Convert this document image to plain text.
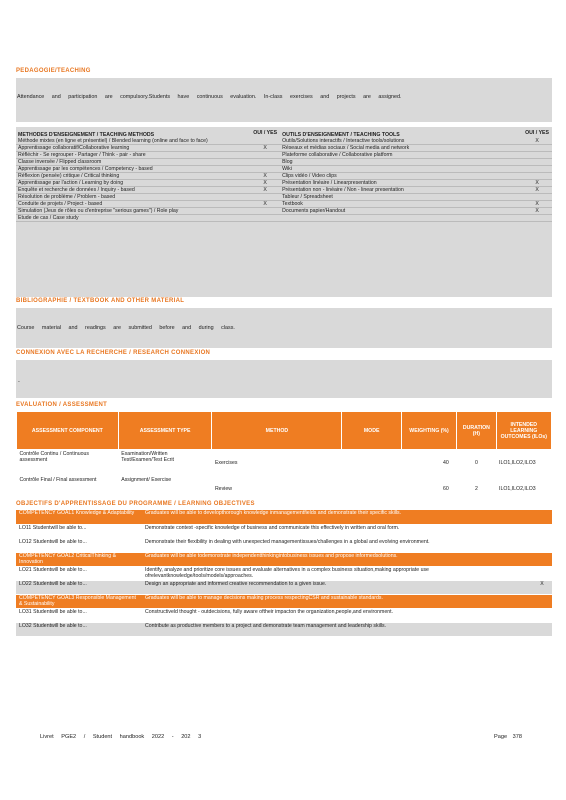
PEDAGOGIE/TEACHING
Attendance and participation are compulsory.Students have continuous evaluation. In-class exercises and projects are assigned.
METHODES D'ENSEIGNEMENT / TEACHING METHODS	OUI / YES	OUTILS D'ENSEIGNEMENT / TEACHING TOOLS	OUI / YES
Méthode mixtes (en ligne et présentiel) / Blended learning (online and face to face)		Outils/Solutions interactifs / Interactive tools/solutions	X
Apprentissage collaboratif/Collaborative learning	X	Réseaux et médias sociaux / Social media and network	
Réfléchir - Se regrouper - Partager / Think - pair - share		Plateforme collaborative / Collaborative platform	
Classe inversée / Flipped classroom		Blog	
Apprentissage par les compétences / Competency - based		Wiki	
Réflexion (pensée) critique / Critical thinking	X	Clips vidéo / Video clips	
Apprentissage par l'action / Learning by doing	X	Présentation linéaire / Linearpresentation	X
Enquête et recherche de données / Inquiry - based	X	Présentation non - linéaire / Non - linear presentation	X
Résolution de problème / Problem - based		Tableur / Spreadsheet	
Conduite de projets / Project - based	X	Textbook	X
Simulation (Jeux de rôles ou d'entreprise "serious games") / Role play		Documents papier/Handout	X
Etude de cas / Case study			
BIBLIOGRAPHIE / TEXTBOOK AND OTHER MATERIAL
Course material and readings are submitted before and during class.
CONNEXION AVEC LA RECHERCHE / RESEARCH CONNEXION
-
EVALUATION / ASSESSMENT
ASSESSMENT COMPONENT	ASSESSMENT TYPE	METHOD	MODE	WEIGHTING (%)	DURATION (H)	INTENDED LEARNING OUTCOMES (ILOs)
Contrôle Continu / Continuous assessment	Examination/Written Test/Examen/Test Ecrit	Exercises		40	0	ILO1,ILO2,ILO3
Contrôle Final / Final assessment	Assignment/ Exercise	Review		60	2	ILO1,ILO2,ILO3
OBJECTIFS D'APPRENTISSAGE DU PROGRAMME / LEARNING OBJECTIVES
COMPETENCY GOAL1 Knowledge & Adaptability	Graduates will be able to developthorough knowledge inmanagementfields and demonstrate their specific skills.	
LO11 Studentwill be able to...	Demonstrate context -specific knowledge of business and communicate this effectively in written and oral form.	
LO12 Studentwill be able to...	Demonstrate their flexibility in dealing with unexpected managementissues/challenges in a global and evolving environment.	
COMPETENCY GOAL2 CriticalThinking & Innovation	Graduates will be able todemonstrate independentthinkingintobusiness issues and propose informedsolutions.	
LO21 Studentwill be able to...	Identify, analyze and prioritize core issues and evaluate alternatives in a complex business situation,making appropriate use ofrelevantknowledge/tools/models/approaches.	
LO22 Studentwill be able to...	Design an appropriate and informed creative recommendation to a given issue.	X
COMPETENCY GOAL3 Responsible Management & Sustainability	Graduates will be able to manage decisions making process respectingCSR and sustainable standards.	
LO31 Studentwill be able to...	Constructiveld thought - outdecisions, fully aware oftheir impacton the organization,people,and environment.	
LO32 Studentwill be able to...	Contribute as productive members to a project and demonstrate team management and leadership skills.	
Livret PGE2 / Student handbook 2022 - 202 3	Page 378
